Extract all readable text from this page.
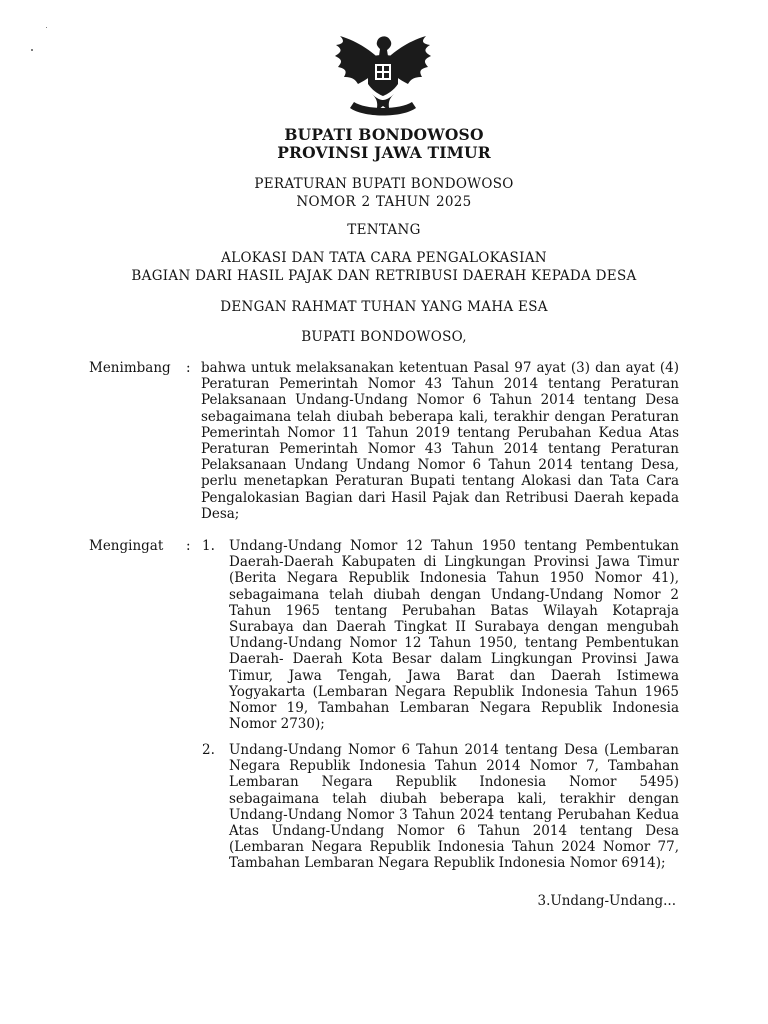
BUPATI BONDOWOSO
PROVINSI JAWA TIMUR
PERATURAN BUPATI BONDOWOSO
NOMOR 2 TAHUN 2025
TENTANG
ALOKASI DAN TATA CARA PENGALOKASIAN
BAGIAN DARI HASIL PAJAK DAN RETRIBUSI DAERAH KEPADA DESA
DENGAN RAHMAT TUHAN YANG MAHA ESA
BUPATI BONDOWOSO,
Menimbang : bahwa untuk melaksanakan ketentuan Pasal 97 ayat (3) dan ayat (4) Peraturan Pemerintah Nomor 43 Tahun 2014 tentang Peraturan Pelaksanaan Undang-Undang Nomor 6 Tahun 2014 tentang Desa sebagaimana telah diubah beberapa kali, terakhir dengan Peraturan Pemerintah Nomor 11 Tahun 2019 tentang Perubahan Kedua Atas Peraturan Pemerintah Nomor 43 Tahun 2014 tentang Peraturan Pelaksanaan Undang Undang Nomor 6 Tahun 2014 tentang Desa, perlu menetapkan Peraturan Bupati tentang Alokasi dan Tata Cara Pengalokasian Bagian dari Hasil Pajak dan Retribusi Daerah kepada Desa;
Mengingat : 1. Undang-Undang Nomor 12 Tahun 1950 tentang Pembentukan Daerah-Daerah Kabupaten di Lingkungan Provinsi Jawa Timur (Berita Negara Republik Indonesia Tahun 1950 Nomor 41), sebagaimana telah diubah dengan Undang-Undang Nomor 2 Tahun 1965 tentang Perubahan Batas Wilayah Kotapraja Surabaya dan Daerah Tingkat II Surabaya dengan mengubah Undang-Undang Nomor 12 Tahun 1950, tentang Pembentukan Daerah- Daerah Kota Besar dalam Lingkungan Provinsi Jawa Timur, Jawa Tengah, Jawa Barat dan Daerah Istimewa Yogyakarta (Lembaran Negara Republik Indonesia Tahun 1965 Nomor 19, Tambahan Lembaran Negara Republik Indonesia Nomor 2730);
2. Undang-Undang Nomor 6 Tahun 2014 tentang Desa (Lembaran Negara Republik Indonesia Tahun 2014 Nomor 7, Tambahan Lembaran Negara Republik Indonesia Nomor 5495) sebagaimana telah diubah beberapa kali, terakhir dengan Undang-Undang Nomor 3 Tahun 2024 tentang Perubahan Kedua Atas Undang-Undang Nomor 6 Tahun 2014 tentang Desa (Lembaran Negara Republik Indonesia Tahun 2024 Nomor 77, Tambahan Lembaran Negara Republik Indonesia Nomor 6914);
3.Undang-Undang...
